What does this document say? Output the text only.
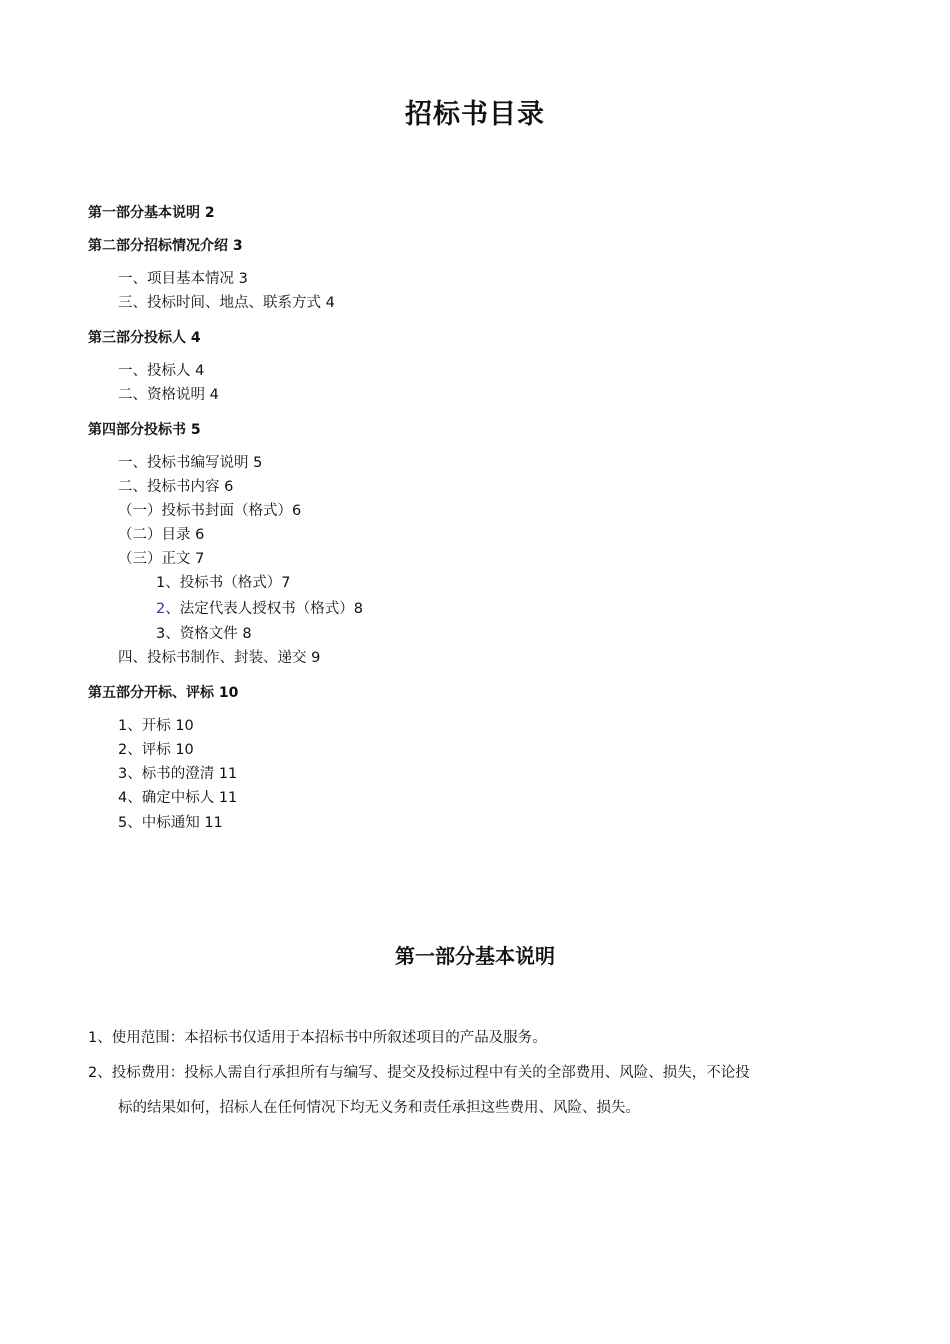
招标书目录
第一部分基本说明 2
第二部分招标情况介绍 3
一、项目基本情况 3
三、投标时间、地点、联系方式 4
第三部分投标人 4
一、投标人 4
二、资格说明 4
第四部分投标书 5
一、投标书编写说明 5
二、投标书内容 6
（一）投标书封面（格式）6
（二）目录 6
（三）正文 7
1、投标书（格式）7
2、法定代表人授权书（格式）8
3、资格文件 8
四、投标书制作、封装、递交 9
第五部分开标、评标 10
1、开标 10
2、评标 10
3、标书的澄清 11
4、确定中标人 11
5、中标通知 11
第一部分基本说明
1、使用范围：本招标书仅适用于本招标书中所叙述项目的产品及服务。
2、投标费用：投标人需自行承担所有与编写、提交及投标过程中有关的全部费用、风险、损失，不论投
标的结果如何，招标人在任何情况下均无义务和责任承担这些费用、风险、损失。
